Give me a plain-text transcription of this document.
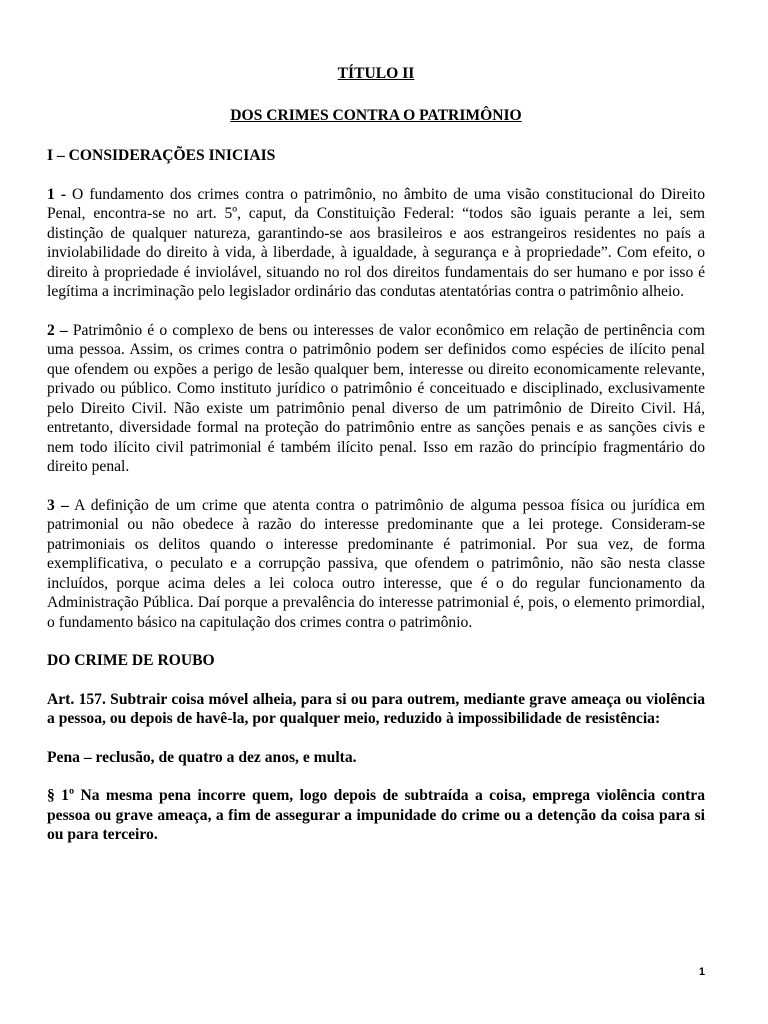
TÍTULO II

DOS CRIMES CONTRA O PATRIMÔNIO

I – CONSIDERAÇÕES INICIAIS

1 - O fundamento dos crimes contra o patrimônio, no âmbito de uma visão constitucional do Direito Penal, encontra-se no art. 5º, caput, da Constituição Federal: “todos são iguais perante a lei, sem distinção de qualquer natureza, garantindo-se aos brasileiros e aos estrangeiros residentes no país a inviolabilidade do direito à vida, à liberdade, à igualdade, à segurança e à propriedade”. Com efeito, o direito à propriedade é inviolável, situando no rol dos direitos fundamentais do ser humano e por isso é legítima a incriminação pelo legislador ordinário das condutas atentatórias contra o patrimônio alheio.

2 – Patrimônio é o complexo de bens ou interesses de valor econômico em relação de pertinência com uma pessoa. Assim, os crimes contra o patrimônio podem ser definidos como espécies de ilícito penal que ofendem ou expões a perigo de lesão qualquer bem, interesse ou direito economicamente relevante, privado ou público. Como instituto jurídico o patrimônio é conceituado e disciplinado, exclusivamente pelo Direito Civil. Não existe um patrimônio penal diverso de um patrimônio de Direito Civil. Há, entretanto, diversidade formal na proteção do patrimônio entre as sanções penais e as sanções civis e nem todo ilícito civil patrimonial é também ilícito penal. Isso em razão do princípio fragmentário do direito penal.

3 – A definição de um crime que atenta contra o patrimônio de alguma pessoa física ou jurídica em patrimonial ou não obedece à razão do interesse predominante que a lei protege. Consideram-se patrimoniais os delitos quando o interesse predominante é patrimonial. Por sua vez, de forma exemplificativa, o peculato e a corrupção passiva, que ofendem o patrimônio, não são nesta classe incluídos, porque acima deles a lei coloca outro interesse, que é o do regular funcionamento da Administração Pública. Daí porque a prevalência do interesse patrimonial é, pois, o elemento primordial, o fundamento básico na capitulação dos crimes contra o patrimônio.

DO CRIME DE ROUBO

Art. 157. Subtrair coisa móvel alheia, para si ou para outrem, mediante grave ameaça ou violência a pessoa, ou depois de havê-la, por qualquer meio, reduzido à impossibilidade de resistência:

Pena – reclusão, de quatro a dez anos, e multa.

§ 1º Na mesma pena incorre quem, logo depois de subtraída a coisa, emprega violência contra pessoa ou grave ameaça, a fim de assegurar a impunidade do crime ou a detenção da coisa para si ou para terceiro.

1
